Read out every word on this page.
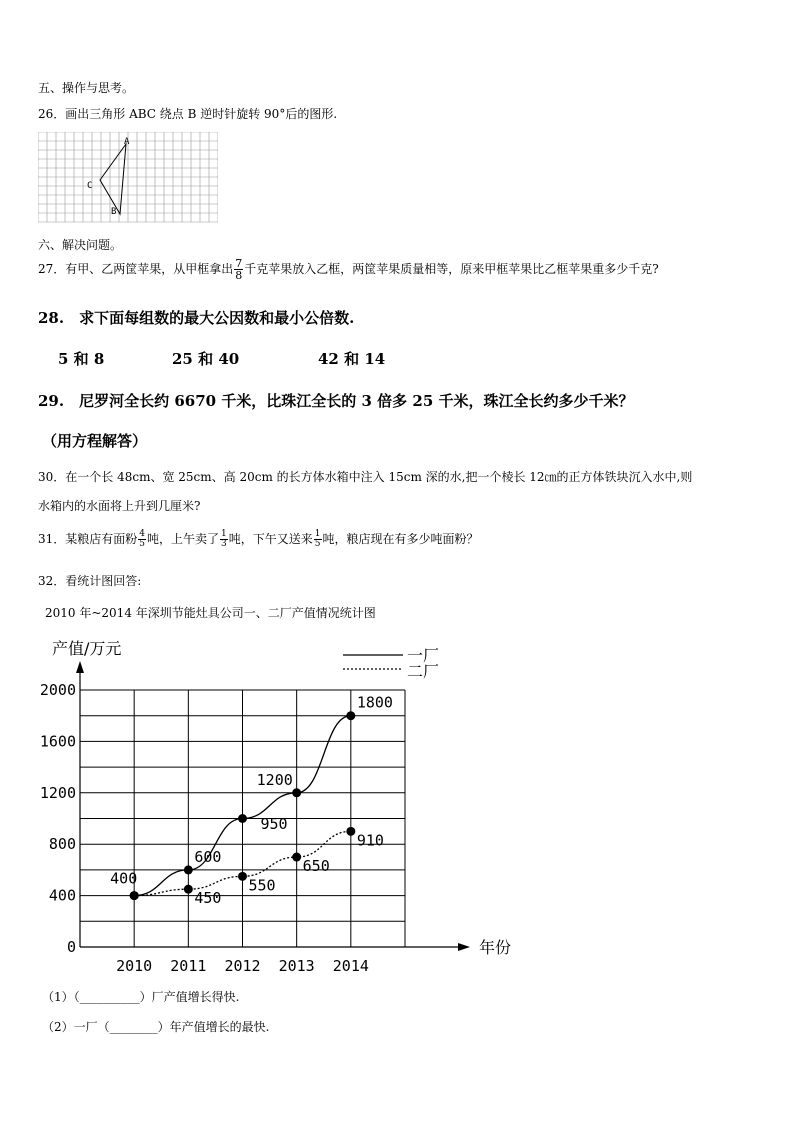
五、操作与思考。
26．画出三角形 ABC 绕点 B 逆时针旋转 90°后的图形.
A
C
B
六、解决问题。
27．有甲、乙两筐苹果，从甲框拿出 $\frac{7}{8}$ 千克苹果放入乙框，两筐苹果质量相等，原来甲框苹果比乙框苹果重多少千克?
28.　求下面每组数的最大公因数和最小公倍数.
5 和 8	25 和 40	42 和 14
29.　尼罗河全长约 6670 千米，比珠江全长的 3 倍多 25 千米，珠江全长约多少千米？
（用方程解答）
30．在一个长 48cm、宽 25cm、高 20cm 的长方体水箱中注入 15cm 深的水,把一个棱长 12㎝的正方体铁块沉入水中,则
水箱内的水面将上升到几厘米?
31．某粮店有面粉 $\frac{4}{5}$ 吨，上午卖了 $\frac{1}{3}$ 吨，下午又送来 $\frac{1}{5}$ 吨，粮店现在有多少吨面粉？
32．看统计图回答:
2010 年~2014 年深圳节能灶具公司一、二厂产值情况统计图
0
400
800
1200
1600
2000
2010 2011 2012 2013 2014
400
600
1200
1800
450
550
650
910
950
一厂
二厂
产值/万元
年份
（1）（__________）厂产值增长得快.
（2）一厂（________）年产值增长的最快.
